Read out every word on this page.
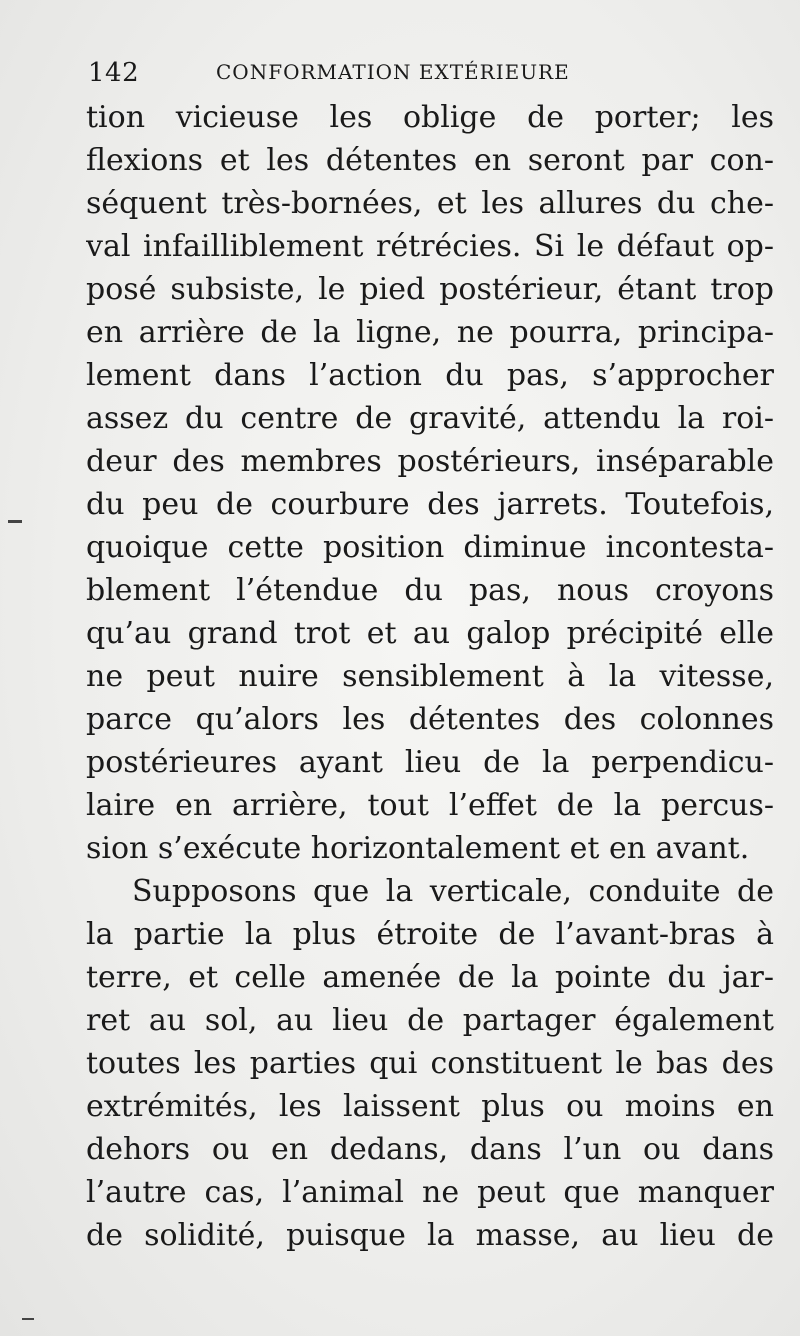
142	CONFORMATION EXTÉRIEURE
tion vicieuse les oblige de porter; les
flexions et les détentes en seront par con-
séquent très-bornées, et les allures du che-
val infailliblement rétrécies. Si le défaut op-
posé subsiste, le pied postérieur, étant trop
en arrière de la ligne, ne pourra, principa-
lement dans l’action du pas, s’approcher
assez du centre de gravité, attendu la roi-
deur des membres postérieurs, inséparable
du peu de courbure des jarrets. Toutefois,
quoique cette position diminue incontesta-
blement l’étendue du pas, nous croyons
qu’au grand trot et au galop précipité elle
ne peut nuire sensiblement à la vitesse,
parce qu’alors les détentes des colonnes
postérieures ayant lieu de la perpendicu-
laire en arrière, tout l’effet de la percus-
sion s’exécute horizontalement et en avant.
Supposons que la verticale, conduite de
la partie la plus étroite de l’avant-bras à
terre, et celle amenée de la pointe du jar-
ret au sol, au lieu de partager également
toutes les parties qui constituent le bas des
extrémités, les laissent plus ou moins en
dehors ou en dedans, dans l’un ou dans
l’autre cas, l’animal ne peut que manquer
de solidité, puisque la masse, au lieu de
